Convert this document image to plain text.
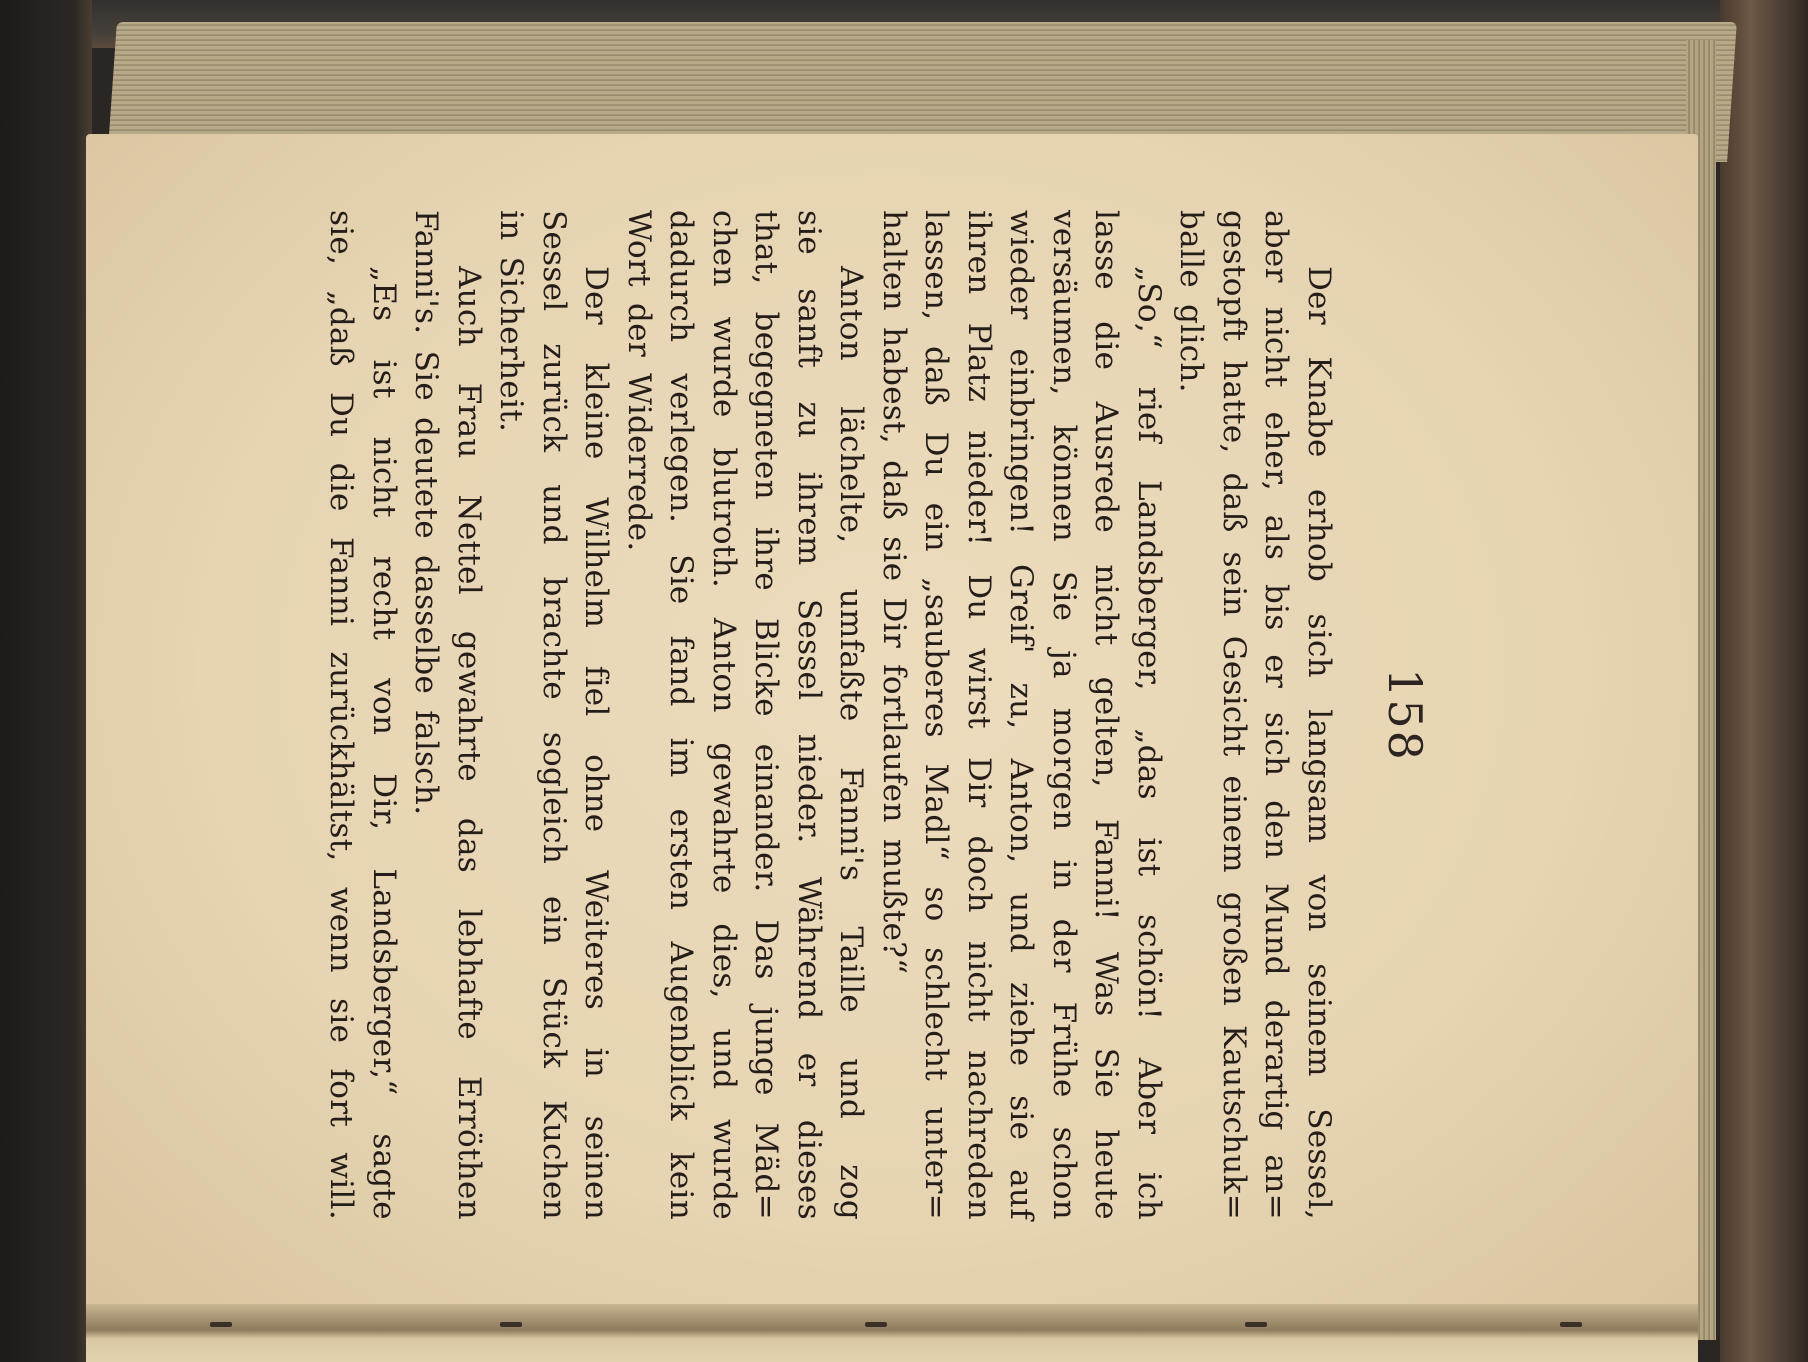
158
Der
Knabe
erhob
sich
langsam
von
seinem
Sessel,
aber
nicht
eher,
als
bis
er
sich
den
Mund
derartig
an=
gestopft
hatte,
daß
sein
Gesicht
einem
großen
Kautschuk=
balle glich.
„So,“
rief
Landsberger,
„das
ist
schön!
Aber
ich
lasse
die
Ausrede
nicht
gelten,
Fanni!
Was
Sie
heute
versäumen,
können
Sie
ja
morgen
in
der
Frühe
schon
wieder
einbringen!
Greif'
zu,
Anton,
und
ziehe
sie
auf
ihren
Platz
nieder!
Du
wirst
Dir
doch
nicht
nachreden
lassen,
daß
Du
ein
„sauberes
Madl“
so
schlecht
unter=
halten habest, daß sie Dir fortlaufen mußte?“
Anton
lächelte,
umfaßte
Fanni's
Taille
und
zog
sie
sanft
zu
ihrem
Sessel
nieder.
Während
er
dieses
that,
begegneten
ihre
Blicke
einander.
Das
junge
Mäd=
chen
wurde
blutroth.
Anton
gewahrte
dies,
und
wurde
dadurch
verlegen.
Sie
fand
im
ersten
Augenblick
kein
Wort der Widerrede.
Der
kleine
Wilhelm
fiel
ohne
Weiteres
in
seinen
Sessel
zurück
und
brachte
sogleich
ein
Stück
Kuchen
in Sicherheit.
Auch
Frau
Nettel
gewahrte
das
lebhafte
Erröthen
Fanni's. Sie deutete dasselbe falsch.
„Es
ist
nicht
recht
von
Dir,
Landsberger,“
sagte
sie,
„daß
Du
die
Fanni
zurückhältst,
wenn
sie
fort
will.
